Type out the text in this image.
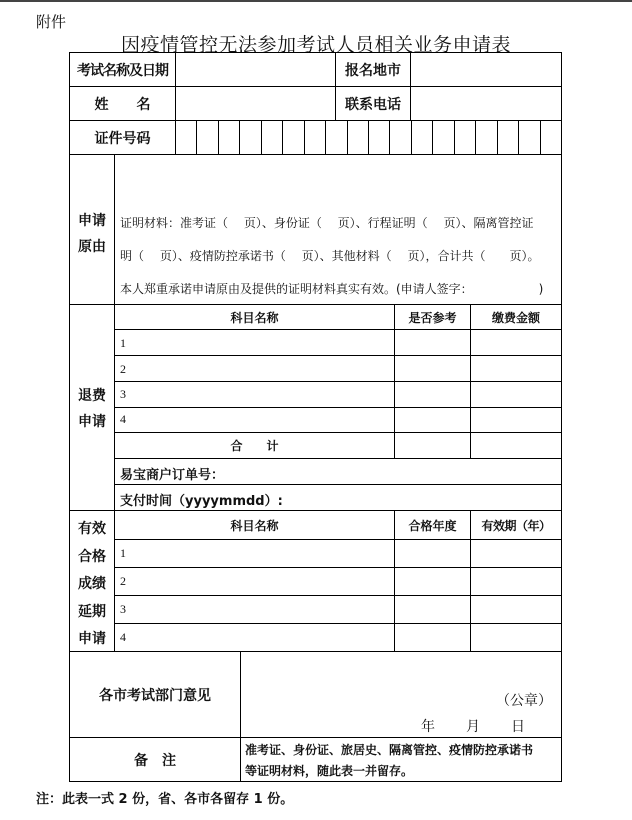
附件
因疫情管控无法参加考试人员相关业务申请表
考试名称及日期	报名地市
姓　　名	联系电话
证件号码
申请
原由
证明材料：准考证（　 页）、身份证（　 页）、行程证明（　 页）、隔离管控证
明（　 页）、疫情防控承诺书（　 页）、其他材料（　 页），合计共（　　页）。
本人郑重承诺申请原由及提供的证明材料真实有效。(申请人签字：　　　　　　)
退费
申请
科目名称	是否参考	缴费金额
1
2
3
4
合　　计
易宝商户订单号：
支付时间（yyyymmdd）:
有效
合格
成绩
延期
申请
科目名称	合格年度	有效期（年）
1
2
3
4
各市考试部门意见	（公章）
年 月 日
备　注
准考证、身份证、旅居史、隔离管控、疫情防控承诺书
等证明材料，随此表一并留存。
注：此表一式 2 份，省、各市各留存 1 份。
